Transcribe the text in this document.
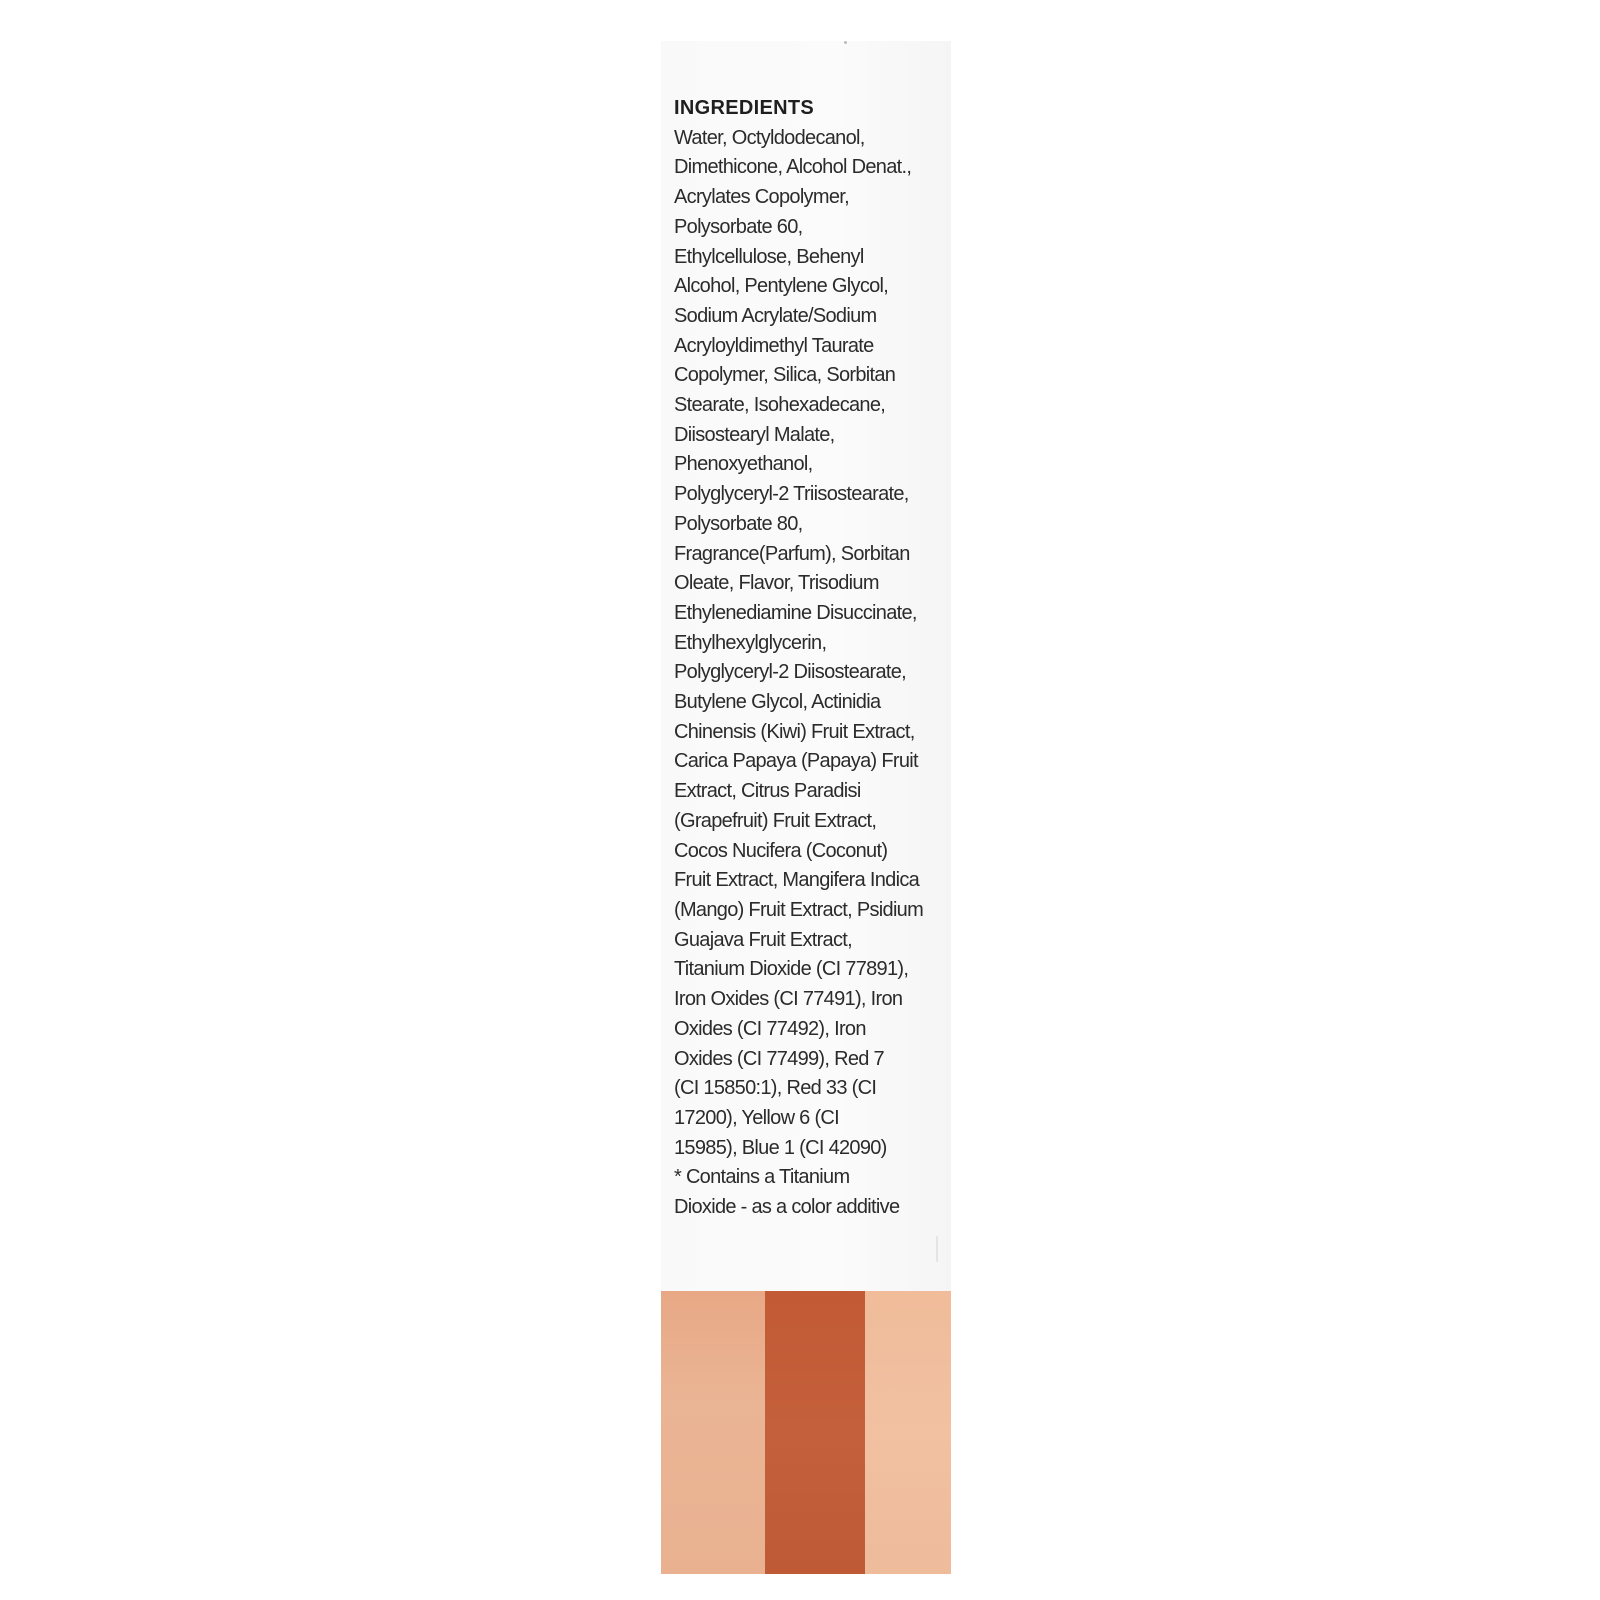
INGREDIENTS

Water, Octyldodecanol,

Dimethicone, Alcohol Denat.,

Acrylates Copolymer,

Polysorbate 60,

Ethylcellulose, Behenyl

Alcohol, Pentylene Glycol,

Sodium Acrylate/Sodium

Acryloyldimethyl Taurate

Copolymer, Silica, Sorbitan

Stearate, Isohexadecane,

Diisostearyl Malate,

Phenoxyethanol,

Polyglyceryl-2 Triisostearate,

Polysorbate 80,

Fragrance(Parfum), Sorbitan

Oleate, Flavor, Trisodium

Ethylenediamine Disuccinate,

Ethylhexylglycerin,

Polyglyceryl-2 Diisostearate,

Butylene Glycol, Actinidia

Chinensis (Kiwi) Fruit Extract,

Carica Papaya (Papaya) Fruit

Extract, Citrus Paradisi

(Grapefruit) Fruit Extract,

Cocos Nucifera (Coconut)

Fruit Extract, Mangifera Indica

(Mango) Fruit Extract, Psidium

Guajava Fruit Extract,

Titanium Dioxide (CI 77891),

Iron Oxides (CI 77491), Iron

Oxides (CI 77492), Iron

Oxides (CI 77499), Red 7

(CI 15850:1), Red 33 (CI

17200), Yellow 6 (CI

15985), Blue 1 (CI 42090)

* Contains a Titanium

Dioxide - as a color additive
